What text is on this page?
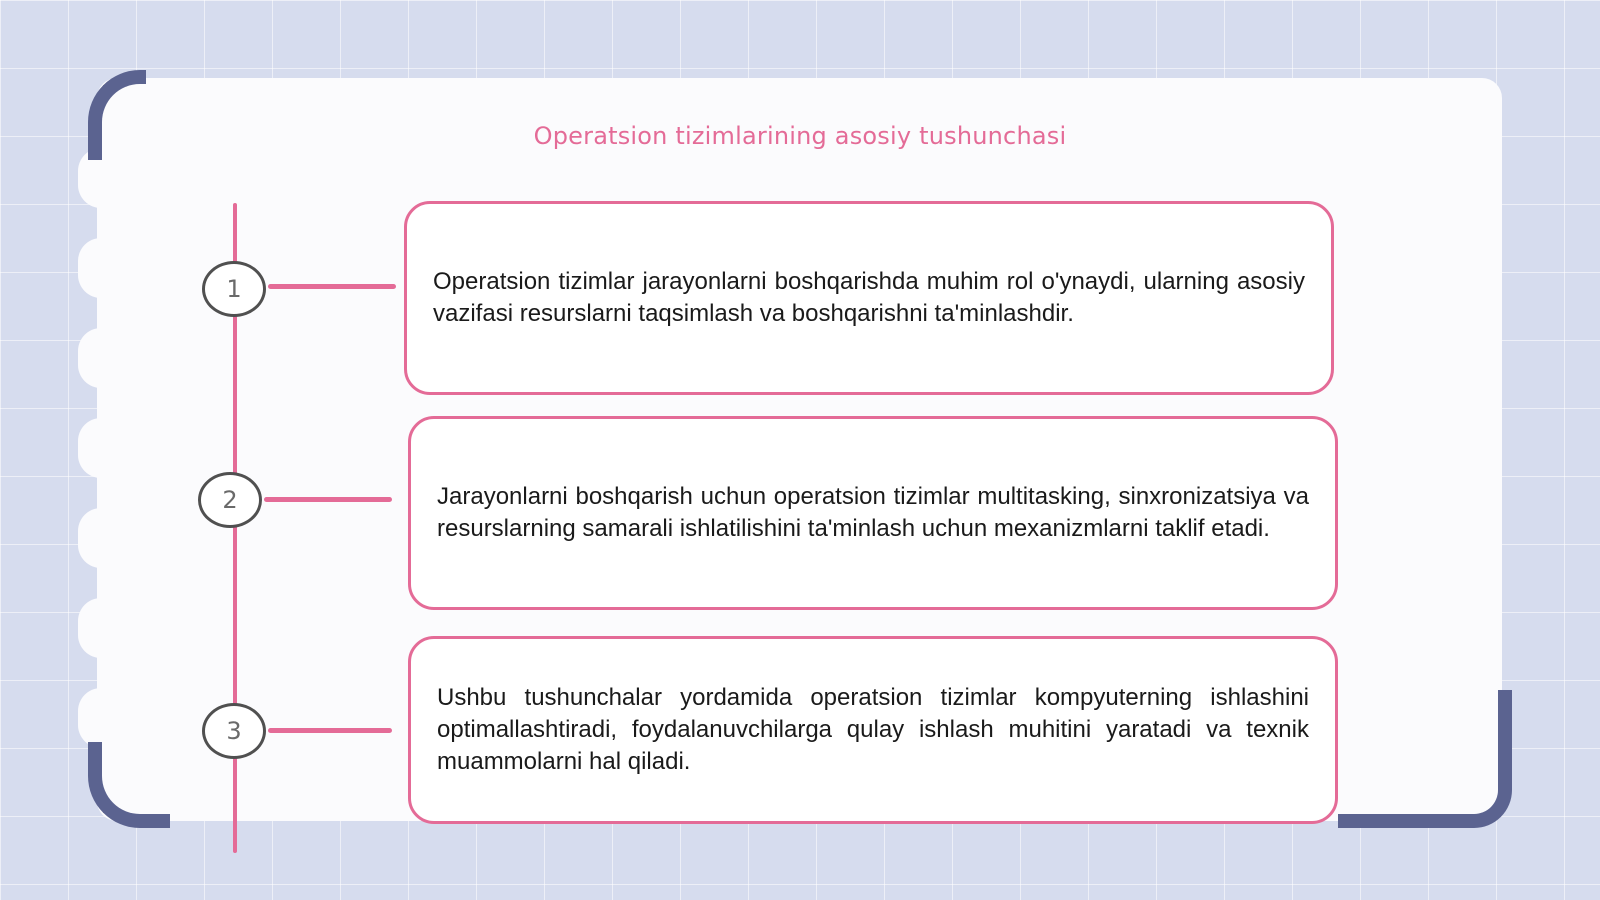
Operatsion tizimlarining asosiy tushunchasi
1
2
3

Operatsion tizimlar jarayonlarni boshqarishda muhim rol o'ynaydi, ularning asosiy vazifasi resurslarni taqsimlash va boshqarishni ta'minlashdir.

Jarayonlarni boshqarish uchun operatsion tizimlar multitasking, sinxronizatsiya va resurslarning samarali ishlatilishini ta'minlash uchun mexanizmlarni taklif etadi.

Ushbu tushunchalar yordamida operatsion tizimlar kompyuterning ishlashini optimallashtiradi, foydalanuvchilarga qulay ishlash muhitini yaratadi va texnik muammolarni hal qiladi.
